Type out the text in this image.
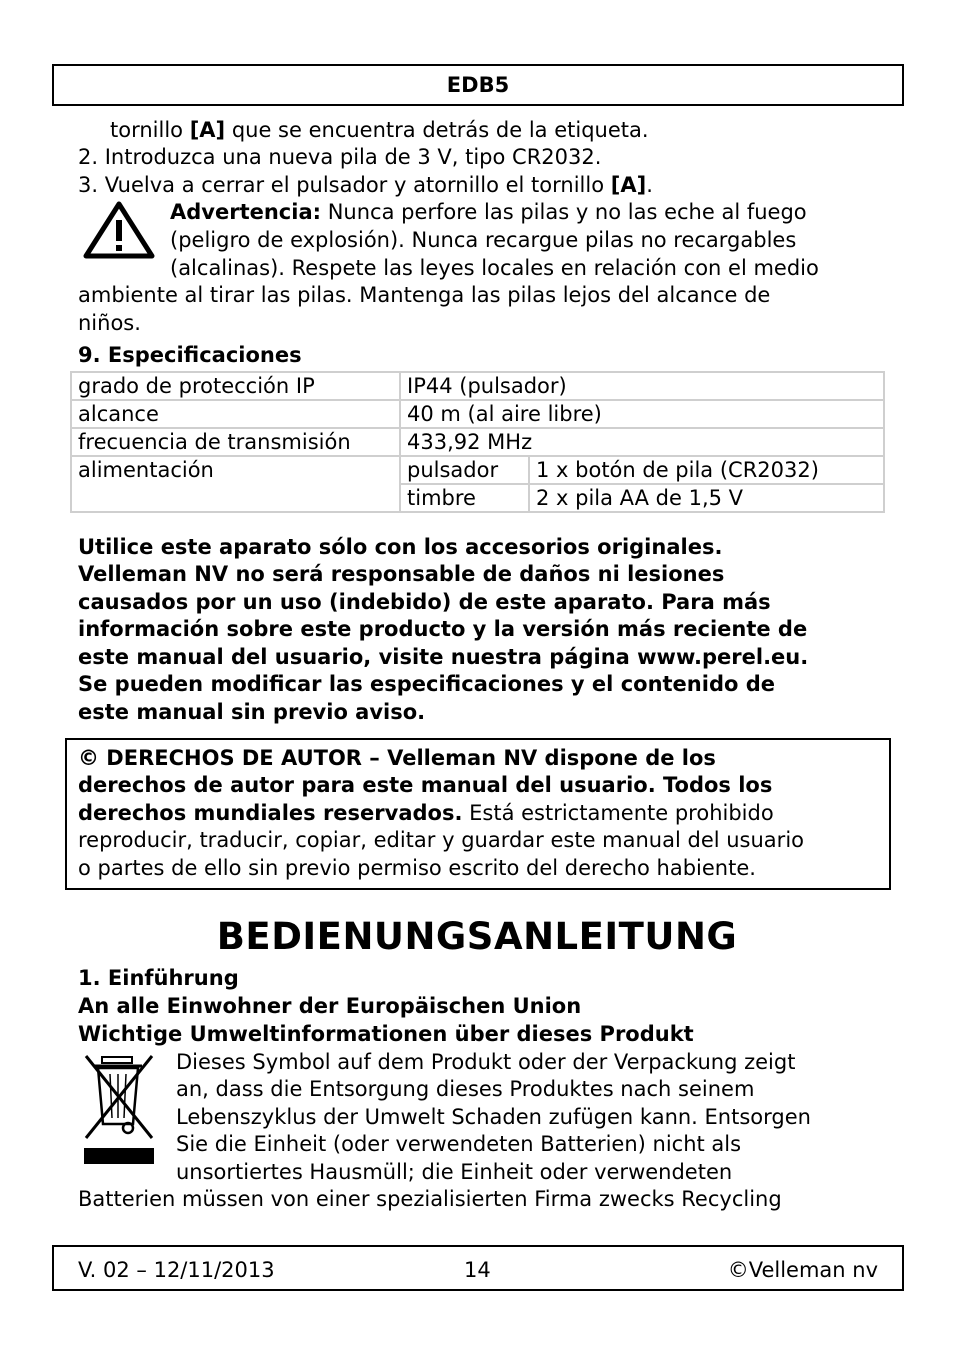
EDB5
tornillo [A] que se encuentra detrás de la etiqueta.
2. Introduzca una nueva pila de 3 V, tipo CR2032.
3. Vuelva a cerrar el pulsador y atornillo el tornillo [A].
Advertencia: Nunca perfore las pilas y no las eche al fuego
(peligro de explosión). Nunca recargue pilas no recargables
(alcalinas). Respete las leyes locales en relación con el medio
ambiente al tirar las pilas. Mantenga las pilas lejos del alcance de
niños.
9. Especificaciones
grado de protección IP	IP44 (pulsador)	
alcance	40 m (al aire libre)	
frecuencia de transmisión	433,92 MHz	
alimentación	pulsador	1 x botón de pila (CR2032)
	timbre	2 x pila AA de 1,5 V
Utilice este aparato sólo con los accesorios originales.
Velleman NV no será responsable de daños ni lesiones
causados por un uso (indebido) de este aparato. Para más
información sobre este producto y la versión más reciente de
este manual del usuario, visite nuestra página www.perel.eu.
Se pueden modificar las especificaciones y el contenido de
este manual sin previo aviso.
© DERECHOS DE AUTOR – Velleman NV dispone de los
derechos de autor para este manual del usuario. Todos los
derechos mundiales reservados. Está estrictamente prohibido
reproducir, traducir, copiar, editar y guardar este manual del usuario
o partes de ello sin previo permiso escrito del derecho habiente.
BEDIENUNGSANLEITUNG
1. Einführung
An alle Einwohner der Europäischen Union
Wichtige Umweltinformationen über dieses Produkt
Dieses Symbol auf dem Produkt oder der Verpackung zeigt
an, dass die Entsorgung dieses Produktes nach seinem
Lebenszyklus der Umwelt Schaden zufügen kann. Entsorgen
Sie die Einheit (oder verwendeten Batterien) nicht als
unsortiertes Hausmüll; die Einheit oder verwendeten
Batterien müssen von einer spezialisierten Firma zwecks Recycling
V. 02 – 12/11/2013	14	©Velleman nv
